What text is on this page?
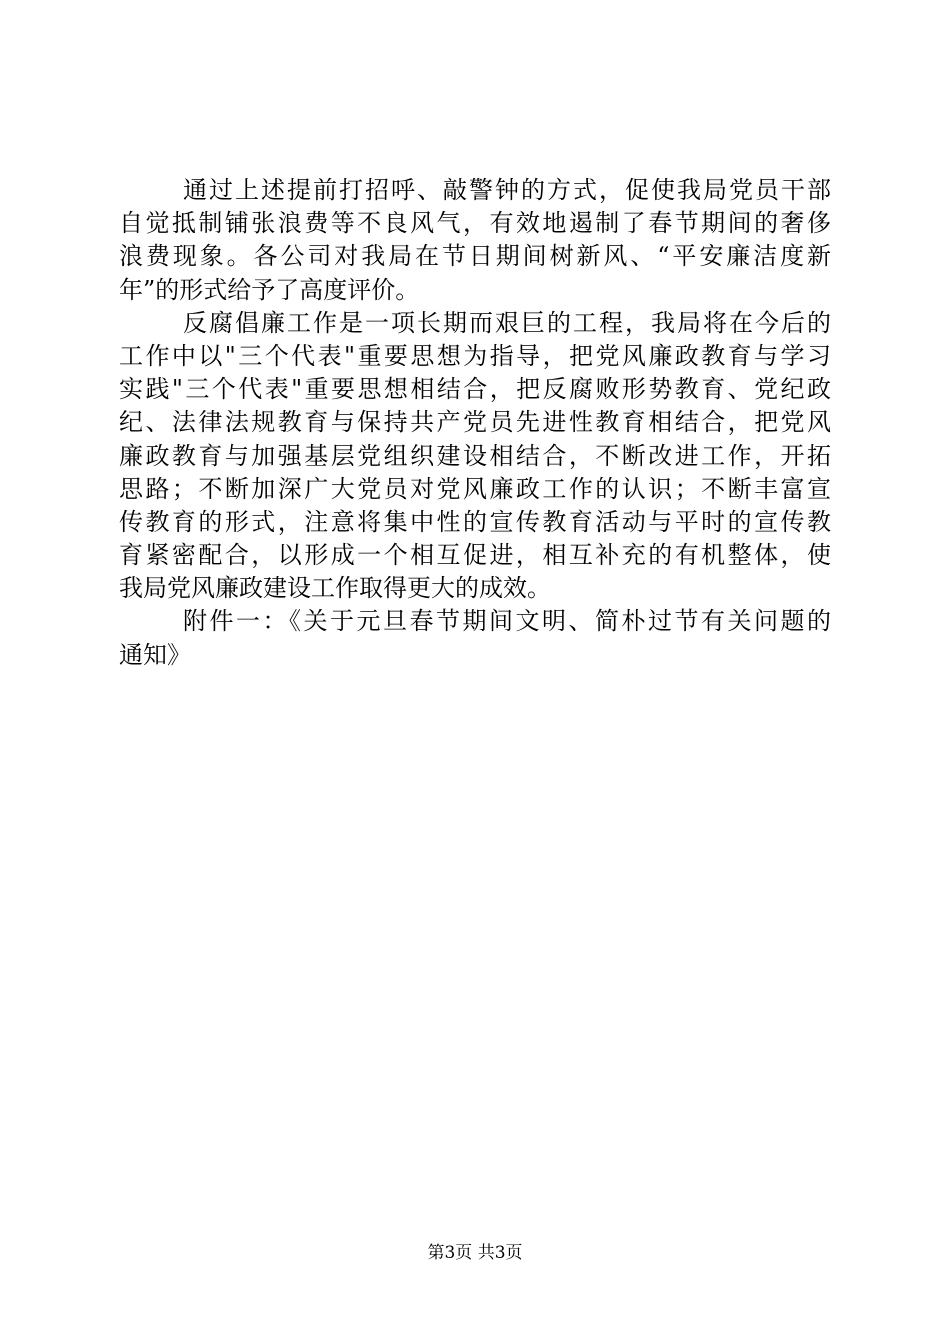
通过上述提前打招呼、敲警钟的方式，促使我局党员干部
自觉抵制铺张浪费等不良风气，有效地遏制了春节期间的奢侈
浪费现象。各公司对我局在节日期间树新风、“平安廉洁度新
年”的形式给予了高度评价。
反腐倡廉工作是一项长期而艰巨的工程，我局将在今后的
工作中以"三个代表"重要思想为指导，把党风廉政教育与学习
实践"三个代表"重要思想相结合，把反腐败形势教育、党纪政
纪、法律法规教育与保持共产党员先进性教育相结合，把党风
廉政教育与加强基层党组织建设相结合，不断改进工作，开拓
思路；不断加深广大党员对党风廉政工作的认识；不断丰富宣
传教育的形式，注意将集中性的宣传教育活动与平时的宣传教
育紧密配合，以形成一个相互促进，相互补充的有机整体，使
我局党风廉政建设工作取得更大的成效。
附件一：《关于元旦春节期间文明、简朴过节有关问题的
通知》
第3页 共3页
